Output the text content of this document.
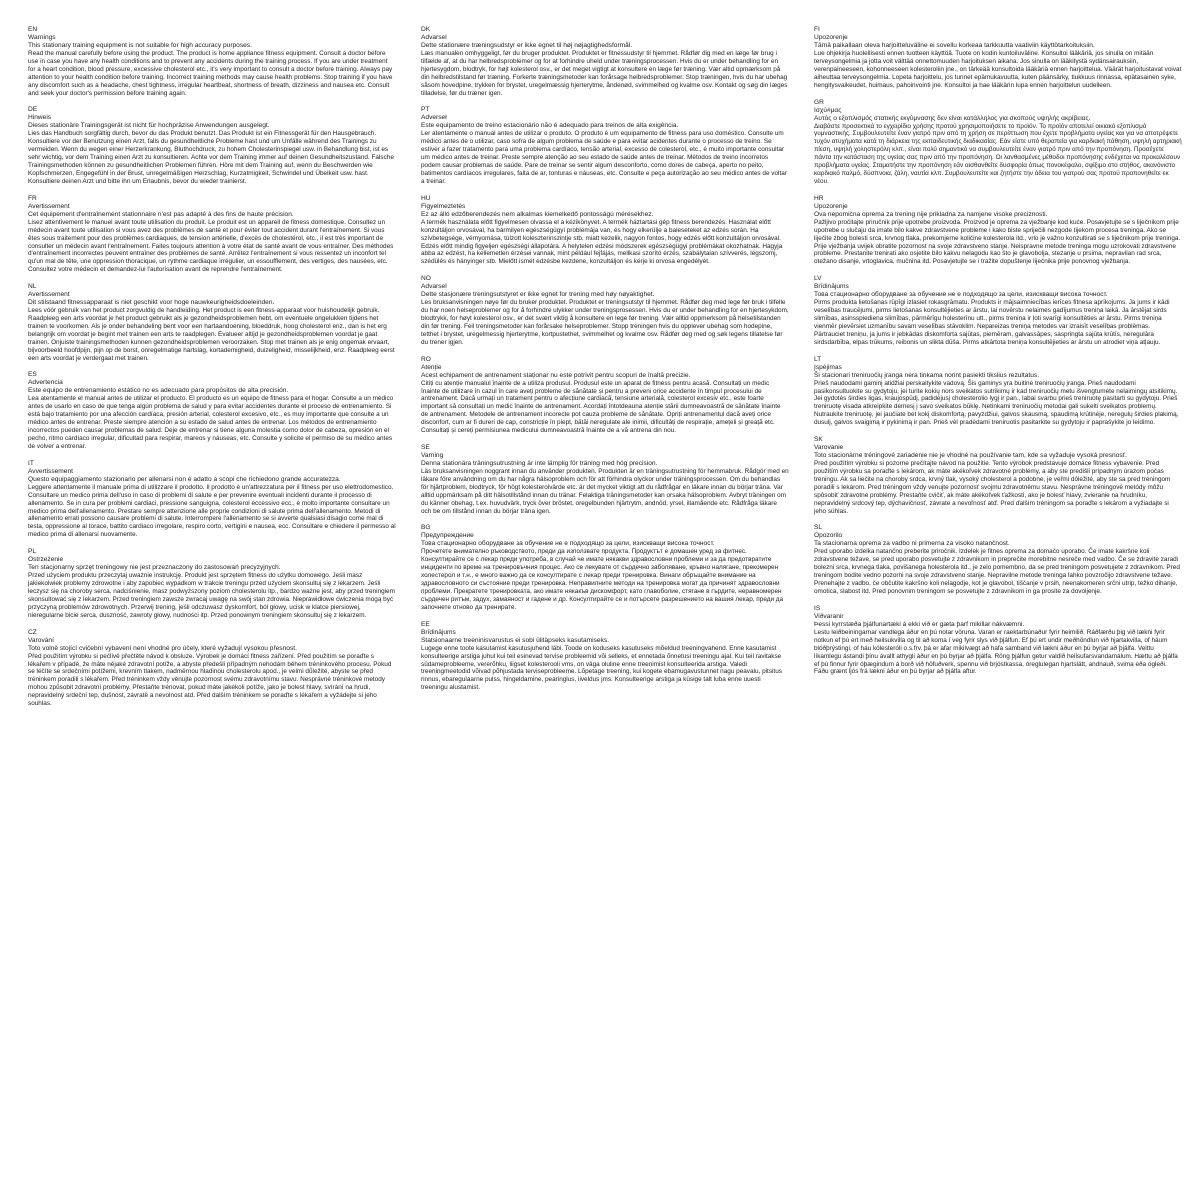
EN

Warnings

This stationary training equipment is not suitable for high accuracy purposes.

Read the manual carefully before using the product. The product is home appliance fitness equipment. Consult a doctor before use in case you have any health conditions and to prevent any accidents during the training process. If you are under treatment for a heart condition, blood pressure, excessive cholesterol etc., it's very important to consult a doctor before training. Always pay attention to your health condition before training. Incorrect training methods may cause health problems. Stop training if you have any discomfort such as a headache, chest tightness, irregular heartbeat, shortness of breath, dizziness and nausea etc. Consult and seek your doctor's permission before training again.

DE

Hinweis

Dieses stationäre Trainingsgerät ist nicht für hochpräzise Anwendungen ausgelegt.

Lies das Handbuch sorgfältig durch, bevor du das Produkt benutzt. Das Produkt ist ein Fitnessgerät für den Hausgebrauch. Konsultiere vor der Benutzung einen Arzt, falls du gesundheitliche Probleme hast und um Unfälle während des Trainings zu vermeiden. Wenn du wegen einer Herzerkrankung, Bluthochdruck, zu hohem Cholesterinspiegel usw. in Behandlung bist, ist es sehr wichtig, vor dem Training einen Arzt zu konsultieren. Achte vor dem Training immer auf deinen Gesundheitszustand. Falsche Trainingsmethoden können zu gesundheitlichen Problemen führen. Höre mit dem Training auf, wenn du Beschwerden wie Kopfschmerzen, Engegefühl in der Brust, unregelmäßigen Herzschlag, Kurzatmigkeit, Schwindel und Übelkeit usw. hast. Konsultiere deinen Arzt und bitte ihn um Erlaubnis, bevor du wieder trainierst.

FR

Avertissement

Cet équipement d'entraînement stationnaire n'est pas adapté à des fins de haute précision.

Lisez attentivement le manuel avant toute utilisation du produit. Le produit est un appareil de fitness domestique. Consultez un médecin avant toute utilisation si vous avez des problèmes de santé et pour éviter tout accident durant l'entraînement. Si vous êtes sous traitement pour des problèmes cardiaques, de tension artérielle, d'excès de cholestérol, etc., il est très important de consulter un médecin avant l'entraînement. Faites toujours attention à votre état de santé avant de vous entraîner. Des méthodes d'entraînement incorrectes peuvent entraîner des problèmes de santé. Arrêtez l'entraînement si vous ressentez un inconfort tel qu'un mal de tête, une oppression thoracique, un rythme cardiaque irrégulier, un essoufflement, des vertiges, des nausées, etc. Consultez votre médecin et demandez-lui l'autorisation avant de reprendre l'entraînement.

NL

Avertissement

Dit stilstaand fitnessapparaat is niet geschikt voor hoge nauwkeurigheidsdoeleinden.

Lees vóór gebruik van het product zorgvuldig de handleiding. Het product is een fitness-apparaat voor huishoudelijk gebruik. Raadpleeg een arts voordat je het product gebruikt als je gezondheidsproblemen hebt, om eventuele ongelukken tijdens het trainen te voorkomen. Als je onder behandeling bent voor een hartaandoening, bloeddruk, hoog cholesterol enz., dan is het erg belangrijk om voordat je begint met trainen een arts te raadplegen. Evalueer altijd je gezondheidsproblemen voordat je gaat trainen. Onjuiste trainingsmethoden kunnen gezondheidsproblemen veroorzaken. Stop met trainen als je enig ongemak ervaart, bijvoorbeeld hoofdpijn, pijn op de borst, onregelmatige hartslag, kortademigheid, duizeligheid, misselijkheid, enz. Raadpleeg eerst een arts voordat je verdergaat met trainen.

ES

Advertencia

Este equipo de entrenamiento estático no es adecuado para propósitos de alta precisión.

Lea atentamente el manual antes de utilizar el producto. El producto es un equipo de fitness para el hogar. Consulte a un médico antes de usarlo en caso de que tenga algún problema de salud y para evitar accidentes durante el proceso de entrenamiento. Si está bajo tratamiento por una afección cardíaca, presión arterial, colesterol excesivo, etc., es muy importante que consulte a un médico antes de entrenar. Preste siempre atención a su estado de salud antes de entrenar. Los métodos de entrenamiento incorrectos pueden causar problemas de salud. Deje de entrenar si tiene alguna molestia como dolor de cabeza, opresión en el pecho, ritmo cardíaco irregular, dificultad para respirar, mareos y náuseas, etc. Consulte y solicite el permiso de su médico antes de volver a entrenar.

IT

Avvertissement

Questo equipaggiamento stazionario per allenarsi non è adatto a scopi che richiedono grande accuratezza.

Leggere attentamente il manuale prima di utilizzare il prodotto. Il prodotto è un'attrezzatura per il fitness per uso elettrodomestico. Consultare un medico prima dell'uso in caso di problemi di salute e per prevenire eventuali incidenti durante il processo di allenamento. Se in cura per problemi cardiaci, pressione sanguigna, colesterol eccessivo ecc., è molto importante consultare un medico prima dell'allenamento. Prestare sempre attenzione alle proprie condizioni di salute prima dell'allenamento. Metodi di allenamento errati possono causare problemi di salute. Interrompere l'allenamento se si avverte qualsiasi disagio come mal di testa, oppressione al torace, battito cardiaco irregolare, respiro corto, vertigini e nausea, ecc. Consultare e chiedere il permesso al medico prima di allenarsi nuovamente.

PL

Ostrzeżenie

Ten stacjonarny sprzęt treningowy nie jest przeznaczony do zastosowań precyzyjnych.

Przed użyciem produktu przeczytaj uważnie instrukcję. Produkt jest sprzętem fitness do użytku domowego. Jeśli masz jakiekolwiek problemy zdrowotne i aby zapobiec wypadkom w trakcie treningu przed użyciem skonsultuj się z lekarzem. Jeśli leczysz się na choroby serca, nadciśnienie, masz podwyższony poziom cholesterolu itp., bardzo ważne jest, aby przed treningiem skonsultować się z lekarzem. Przed treningiem zawsze zwracaj uwagę na swój stan zdrowia. Nieprawidłowe ćwiczenia mogą być przyczyną problemów zdrowotnych. Przerwij trening, jeśli odczuwasz dyskomfort, ból głowy, ucisk w klatce piersiowej, nieregularne bicie serca, duszność, zawroty głowy, nudności itp. Przed ponownym treningiem skonsultuj się z lekarzem.

CZ

Varování

Toto volně stojící cvičební vybavení není vhodné pro účely, které vyžadují vysokou přesnost.

Před použitím výrobku si pečlivě přečtěte návod k obsluze. Výrobek je domácí fitness zařízení. Před použitím se poraďte s lékařem v případě, že máte nějaké zdravotní potíže, a abyste předešli případným nehodám během tréninkového procesu. Pokud se léčíte se srdečními potížemi, krevním tlakem, nadměrnou hladinou cholesterolu apod., je velmi důležité, abyste se před tréninkem poradili s lékařem. Před tréninkem vždy věnujte pozornost svému zdravotnímu stavu. Nesprávné tréninkové metody mohou způsobit zdravotní problémy. Přestaňte trénovat, pokud máte jakékoli potíže, jako je bolest hlavy, svírání na hrudi, nepravidelný srdeční tep, dušnost, závratě a nevolnost atd. Před dalším tréninkem se poraďte s lékařem a vyžádejte si jeho souhlas.

DK

Advarsel

Dette stationære træningsudstyr er ikke egnet til høj nøjagtighedsformål.

Læs manualen omhyggeligt, før du bruger produktet. Produktet er fitnessudstyr til hjemmet. Rådfør dig med en læge før brug i tilfælde af, at du har helbredsproblemer og for at forhindre uheld under træningsprocessen. Hvis du er under behandling for en hjertesygdom, blodtryk, for højt kolesterol osv., er det meget vigtigt at konsultere en læge før træning. Vær altid opmærksom på din helbredstilstand før træning. Forkerte træningsmetoder kan forårsage helbredsproblemer. Stop træningen, hvis du har ubehag såsom hovedpine, trykken for brystet, uregelmæssig hjerterytme, åndenød, svimmelhed og kvalme osv. Kontakt og søg din læges tilladelse, før du træner igen.

PT

Adverseł

Este equipamento de treino estacionário não é adequado para treinos de alta exigência.

Ler atentamente o manual antes de utilizar o produto. O produto é um equipamento de fitness para uso doméstico. Consulte um médico antes de o utilizar, caso sofra de algum problema de saúde e para evitar acidentes durante o processo de treino. Se estiver a fazer tratamento para uma problema cardíaco, tensão arterial, excesso de colesterol, etc., é muito importante consultar um médico antes de treinar. Preste sempre atenção ao seu estado de saúde antes de treinar. Métodos de treino incorretos podem causar problemas de saúde. Pare de treinar se sentir algum desconforto, como dores de cabeça, aperto no peito, batimentos cardíacos irregulares, falta de ar, tonturas e náuseas, etc. Consulte e peça autorização ao seu médico antes de voltar a treinar.

HU

Figyelmeztetés

Ez az álló edzőberendezés nem alkalmas kiemelkedő pontosságú mérésekhez.

A termék használata előtt figyelmesen olvassa el a kézikönyvet. A termék háztartási gép fitness berendezés. Használat előtt konzultáljon orvosával, ha bármilyen egészségügyi problémája van, és hogy elkerülje a baleseteket az edzés során. Ha szívbetegsége, vérnyomása, túlzott koleszterinszintje stb. miatt kezelik, nagyon fontos, hogy edzés előtt konzultáljon orvosával. Edzés előtt mindig figyeljen egészségi állapotára. A helytelen edzési módszerek egészségügyi problémákat okozhatnak. Hagyja abba az edzést, ha kellemetlen érzései vannak, mint például fejfájás, mellkasi szorító érzés, szabálytalan szívverés, légszomj, szédülés és hányinger stb. Mielőtt ismét edzésbe kezdene, konzultáljon és kérje ki orvosa engedélyét.

NO

Advarsel

Dette stasjonære treningsutstyret er ikke egnet for trening med høy nøyaktighet.

Les bruksanvisningen nøye før du bruker produktet. Produktet er treningsutstyr til hjemmet. Rådfør deg med lege før bruk i tilfelle du har noen helseproblemer og for å forhindre ulykker under treningsprosessen. Hvis du er under behandling for en hjertesykdom, blodtrykk, for høyt kolesterol osv., er det svært viktig å konsultere en lege før trening. Vær alltid oppmerksom på helsetilstanden din før trening. Feil treningsmetoder kan forårsake helseproblemer. Stopp treningen hvis du opplever ubehag som hodepine, tetthet i brystet, uregelmessig hjerterytme, kortpustethet, svimmelhet og kvalme osv. Rådfør deg med og søk legens tillatelse før du trener igjen.

RO

Atenție

Acest echipament de antrenament staționar nu este potrivit pentru scopuri de înaltă precizie.

Citiți cu atenție manualul înainte de a utiliza produsul. Produsul este un aparat de fitness pentru acasă. Consultați un medic înainte de utilizare în cazul în care aveți probleme de sănătate și pentru a preveni orice accidente în timpul procesului de antrenament. Dacă urmați un tratament pentru o afecțiune cardiacă, tensiune arterială, colesterol excesiv etc., este foarte important să consultați un medic înainte de antrenament. Acordați întotdeauna atenție stării dumneavoastră de sănătate înainte de antrenament. Metodele de antrenament incorecte pot cauza probleme de sănătate. Opriți antrenamentul dacă aveți orice disconfort, cum ar fi dureri de cap, constricție în piept, bătăi neregulate ale inimii, dificultăți de respirație, amețeli și greață etc. Consultați și cereți permisiunea medicului dumneavoastră înainte de a vă antrena din nou.

SE

Varning

Denna stationära träningsutrustning är inte lämplig för träning med hög precision.

Läs bruksanvisningen noggrant innan du använder produkten. Produkten är en träningsutrustning för hemmabruk. Rådgör med en läkare före användning om du har några hälsoproblem och för att förhindra olyckor under träningsprocessen. Om du behandlas för hjärtproblem, blodtryck, för högt kolesterolvärde etc. är det mycket viktigt att du rådfrågar en läkare innan du börjar träna. Var alltid uppmärksam på ditt hälsotillstånd innan du tränar. Felaktiga träningsmetoder kan orsaka hälsoproblem. Avbryt träningen om du känner obehag, t.ex. huvudvärk, tryck över bröstet, oregelbunden hjärtrytm, andnöd, yrsel, illamående etc. Rådfråga läkare och be om tillstånd innan du börjar träna igen.

BG

Предупреждение

Това стационарно оборудване за обучение не е подходящо за цели, изискващи висока точност.

Прочетете внимателно ръководството, преди да използвате продукта. Продуктът е домашен уред за фитнес. Консултирайте се с лекар преди употреба, в случай че имате някакви здравословни проблеми и за да предотвратите инциденти по време на тренировъчния процес. Ако се лекувате от сърдечно заболяване, кръвно налягане, прекомерен холестерол и т.н., е много важно да се консултирате с лекар преди тренировка. Винаги обръщайте внимание на здравословното си състояние преди тренировка. Неправилните методи на тренировка могат да причинят здравословни проблеми. Прекратете тренировката, ако имате някакъв дискомфорт, като главоболие, стягане в гърдите, неравномерен сърдечен ритъм, задух, замаяност и гадене и др. Консултирайте се и потърсете разрешението на вашия лекар, преди да започнете отново да тренирате.

EE

Brīdinājums

Statsionaarne treeninisvarustus ei sobi ülitäpseks kasutamiseks.

Lugege enne toote kasutamist kasutusjuhend läbi. Toode on koduseks kasutuseks mõeldud treeningvahend. Enne kasutamist konsulteerige arstiga juhul kui teil esinevad tervise probleemid või selleks, et ennetada õnnetusi treeningu ajal. Kui teil ravitakse südameprobleeme, vererõhku, liigset kolesterooli vms, on väga oluline enne treenimist konsulteerida arstiga. Valedi treeningmeetodid võivad põhjustada terviseprobleeme. Lõpetage treening, kui kogete ebamugavustunnet nagu peavalu, pitsitus rinnus, ebaregulaarne pulss, hingeldamine, pearinglus, iiveldus jms. Konsulteerige arstiga ja küsige talt luba enne uuesti treeningu alustamist.

FI

Upozorenje

Tämä paikallaan oleva harjoitteluväline ei sovellu korkeaa tarkkuutta vaativiin käyttötarkoituksiin.

Lue ohjekirja huolellisesti ennen tuotteen käyttöä. Tuote on kodin kuntoiluväline. Konsultoi lääkäriä, jos sinulla on mitään terveysongelmia ja jotta voit välttää onnettomuuden harjoituksen aikana. Jos sinulla on lääkitystä sydänsairauksiin, verenpaineeseen, kohonneeseen kolesteroliin jne., on tärkeää konsultoida lääkäriä ennen harjoittelua. Väärät harjoitustavat voivat aiheuttaa terveysongelmia. Lopeta harjoittelu, jos tunnet epämukavuutta, kuten päänsärky, tiukkuus rinnassa, epätasainen syke, hengitysvaikeudet, huimaus, pahoinvointi jne. Konsultoi ja hae lääkärin lupa ennen harjoittelun uudelleen.

GR

Ισχύ#μας

Αυτός ο εξοπλισμός στατικής εκγύμνασης δεν είναι κατάλληλος για σκοπούς υψηλής ακρίβειας.

Διαβάστε προσεκτικά το εγχειρίδιο χρήσης προτού χρησιμοποιήσετε το προϊόν. Το προϊόν αποτελεί οικιακό εξοπλισμό γυμναστικής. Συμβουλευτείτε έναν γιατρό πριν από τη χρήση σε περίπτωση που έχετε προβλήματα υγείας και για να αποτρέψετε τυχόν ατυχήματα κατά τη διάρκεια της εκπαιδευτικής διαδικασίας. Εάν είστε υπό θεραπεία για καρδιακή πάθηση, υψηλή αρτηριακή πίεση, υψηλή χοληστερόλη κλπ., είναι πολύ σημαντικό να συμβουλευτείτε έναν γιατρό πριν από την προπόνηση. Προσέχετε πάντα την κατάσταση της υγείας σας πριν από την προπόνηση. Οι λανθασμένες μέθοδοι προπόνησης ενδέχεται να προκαλέσουν προβλήματα υγείας. Σταματήστε την προπόνηση εάν αισθανθείτε δυσφορία όπως πονοκέφαλο, σφίξιμο στο στήθος, ακανόνιστο καρδιακό παλμό, δύσπνοια, ζάλη, ναυτία κλπ. Συμβουλευτείτε και ζητήστε την άδεια του γιατρού σας προτού προπονηθείτε εκ νέου.

HR

Upozorenje

Ova nepomična oprema za trening nije prikladna za namjene visoke preciznosti.

Pažljivo pročitajte priručnik prije upotrebe proizvoda. Proizvod je oprema za vježbanje kod kuće. Posavjetujte se s liječnikom prije upotrebe u slučaju da imate bilo kakve zdravstvene probleme i kako biste spriječili nezgode tijekom procesa treninga. Ako se liječite zbog bolesti srca, krvnog tlaka, prekomjerne količine kolesterola itd., vrlo je važno konzultirati se s liječnikom prije treninga. Prije vježbanja uvijek obratite pozornost na svoje zdravstveno stanje. Neispravne metode treninga mogu uzrokovati zdravstvene probleme. Prestanite trenirati ako osjetite bilo kakvu nelagodu kao što je glavobolja, stezanje u prsima, nepravilan rad srca, otežano disanje, vrtoglavica, mučnina itd. Posavjetujte se i tražite dopuštenje liječnika prije ponovnog vježbanja.

LV

Brīdinājums

Това стационарно оборудване за обучение не е подходящо за цели, изискващи висока точност.

Pirms produkta lietošanas rūpīgi izlasiet rokasgrāmatu. Produkts ir mājsaimniecības ierīces fitnesa aprīkojums. Ja jums ir kādi veselības traucējumi, pirms lietošanas konsultējieties ar ārstu, lai novērstu nelaimes gadījumus treniņa laikā. Ja ārstējat sirds slimības, asinsspiediena slimības, pārmērīgu holesterīnu utt., pirms treniņa ir ļoti svarīgi konsultēties ar ārstu. Pirms treniņa vienmēr pievērsiet uzmanību savam veselības stāvoklim. Nepareizas treniņa metodes var izraisīt veselības problēmas. Pārtrauciet treniņu, ja jums ir jebkādas diskomforta sajūtas, piemēram, galvassāpes, saspringta sajūta krūtīs, neregulāra sirdsdarbība, elpas trūkums, reibonis un slikta dūša. Pirms atkārtota treniņa konsultējieties ar ārstu un atrodiet viņa atļauju.

LT

Įspėjimas

Ši stacionari treniruočių įranga nėra tinkama norint pasiekti tikslius rezultatus.

Prieš naudodami gaminį atidžiai perskaitykite vadovą. Šis gaminys yra buitinė treniruočių įranga. Prieš naudodami pasikonsultuokite su gydytoju, jei turite kokių nors sveikatos sutrikimų ir kad treniruočių metu išvengtumėte nelaimingų atsitikimų. Jei gydotės širdies ligas, kraujospūdį, padidėjusį cholesterolio lygį ir pan., labai svarbu prieš treniruotę pasitarti su gydytoju. Prieš treniruotę visada atkreipkite dėmesį į savo sveikatos būklę. Netinkami treniruočių metodai gali sukelti sveikatos problemų. Nutraukite treniruotę, jei jaučiate bet kokį diskomfortą, pavyzdžiui, galvos skausmą, spaudimą krūtinėje, neregulų širdies plakimą, dusulį, galvos svaigimą ir pykinimą ir pan. Prieš vėl pradėdami treniruotis pasitarkite su gydytoju ir paprašykite jo leidimo.

SK

Varovanie

Toto stacionárne tréningové zariadenie nie je vhodné na používanie tam, kde sa vyžaduje vysoká presnosť.

Pred použitím výrobku si pozorne prečítajte návod na použitie. Tento výrobok predstavuje domáce fitness vybavenie. Pred použitím výrobku sa poraďte s lekárom, ak máte akékoľvek zdravotné problémy, a aby ste predišli prípadným úrazom počas tréningu. Ak sa liečite na choroby srdca, krvný tlak, vysoký cholesterol a podobne, je veľmi dôležité, aby ste sa pred tréningom poradili s lekárom. Pred tréningom vždy venujte pozornosť svojmu zdravotnému stavu. Nesprávne tréningové metódy môžu spôsobiť zdravotné problémy. Prestaňte cvičiť, ak máte akékoľvek ťažkosti, ako je bolesť hlavy, zvieranie na hrudníku, nepravidelný srdcový tep, dýchavičnosť, závrate a nevoľnosť atď. Pred ďalším tréningom sa poraďte s lekárom a vyžiadajte si jeho súhlas.

SL

Opozorilo

Ta stacionarna oprema za vadbo ni primerna za visoko natančnost.

Pred uporabo izdelka natančno preberite priročnik. Izdelek je fitnes oprema za domačo uporabo. Če imate kakršne koli zdravstvene težave, se pred uporabo posvetujte z zdravnikom in preprečite morebitne nesreče med vadbo. Če se zdravite zaradi bolezni srca, krvnega tlaka, povišanega holesterola itd., je zelo pomembno, da se pred treningom posvetujete z zdravnikom. Pred treningom bodite vedno pozorni na svoje zdravstveno stanje. Nepravilne metode treninga lahko povzročijo zdravstvene težave. Prenehajte z vadbo, če občutite kakršno koli nelagodje, kot je glavobol, tiščanje v prsih, neenakomeren srčni utrip, težko dihanje, omotica, slabost itd. Pred ponovnim treningom se posvetujte z zdravnikom in ga prosite za dovoljenje.

IS

Viðvaranir

Þessi kyrrstæða þjálfunartæki á ekki við er gæta þarf mikillar nákvæmni.

Lestu leiðbeiningarnar vandlega áður en þú notar vöruna. Varan er raektarbúnaður fyrir heimilið. Ráðfærðu þig við lækni fyrir notkun ef þú ert með heilsukvilla og til að koma í veg fyrir slys við þjálfun. Ef þú ert undir meðhöndlun við hjartakvilla, of háum blóðþrýstingi, of háu kólesteróli o.s.frv. þá er afar mikilvægt að hafa samband við lækni áður en þú byrjar að þjálfa. Veittu líkamlegu ástandi þínu ávallt athygli áður en þú byrjar að þjálfa. Röng þjálfun getur valdið heilsufarsvandamálum. Hættu að þjálfa ef þú finnur fyrir óþægindum á borð við höfuðverk, spennu við brjóstkassa, óreglulegan hjartslátt, andnauð, svima eða ógleði. Fáðu grænt ljós frá lækni áður en þú byrjar að þjálfa aftur.
